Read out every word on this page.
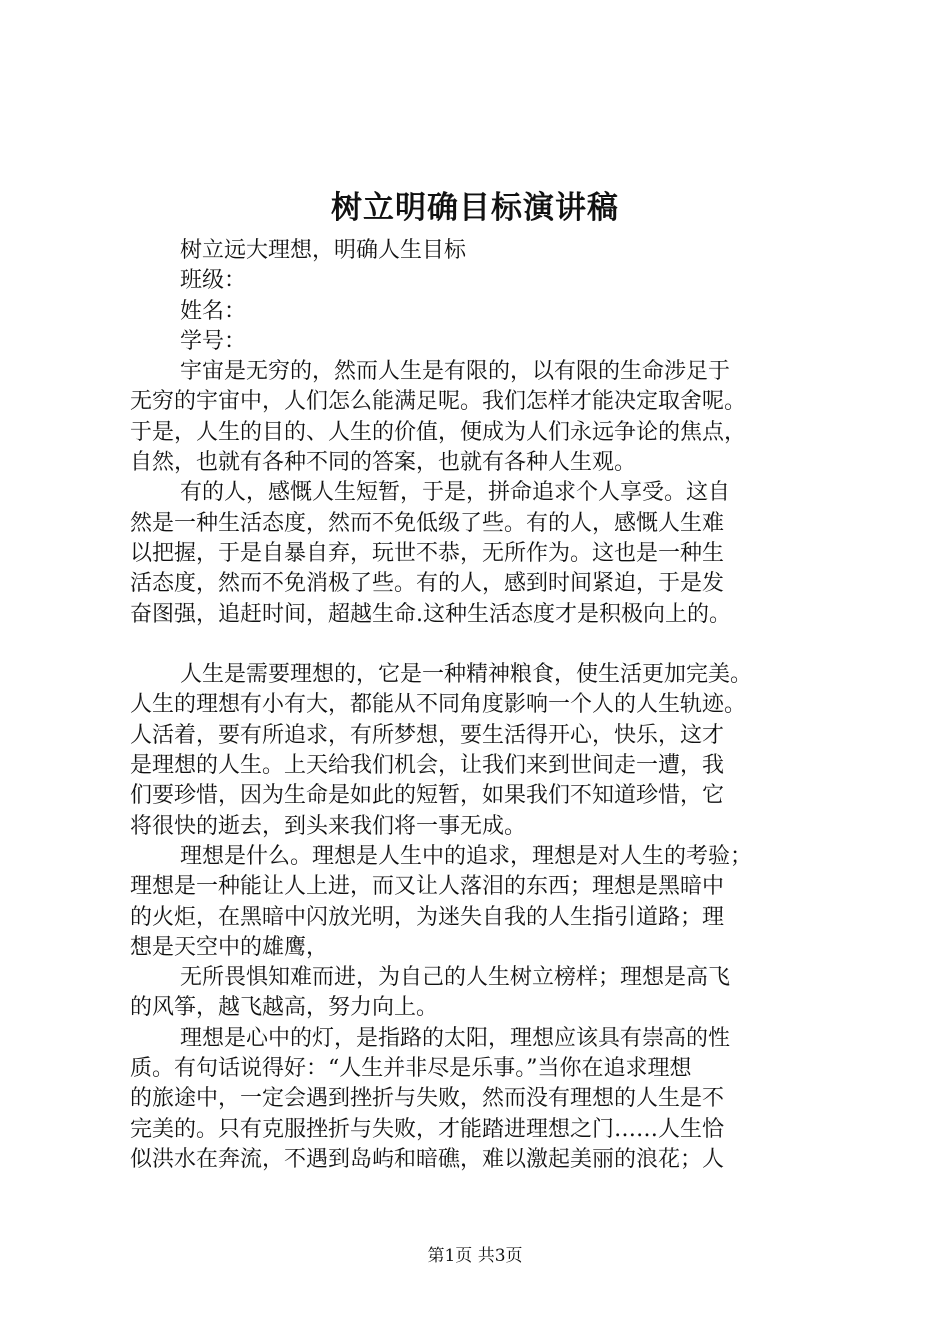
树立明确目标演讲稿
树立远大理想，明确人生目标
班级：
姓名：
学号：
宇宙是无穷的，然而人生是有限的，以有限的生命涉足于
无穷的宇宙中，人们怎么能满足呢。我们怎样才能决定取舍呢。
于是，人生的目的、人生的价值，便成为人们永远争论的焦点，
自然，也就有各种不同的答案，也就有各种人生观。
有的人，感慨人生短暂，于是，拼命追求个人享受。这自
然是一种生活态度，然而不免低级了些。有的人，感慨人生难
以把握，于是自暴自弃，玩世不恭，无所作为。这也是一种生
活态度，然而不免消极了些。有的人，感到时间紧迫，于是发
奋图强，追赶时间，超越生命.这种生活态度才是积极向上的。
人生是需要理想的，它是一种精神粮食，使生活更加完美。
人生的理想有小有大，都能从不同角度影响一个人的人生轨迹。
人活着，要有所追求，有所梦想，要生活得开心，快乐，这才
是理想的人生。上天给我们机会，让我们来到世间走一遭，我
们要珍惜，因为生命是如此的短暂，如果我们不知道珍惜，它
将很快的逝去，到头来我们将一事无成。
理想是什么。理想是人生中的追求，理想是对人生的考验；
理想是一种能让人上进，而又让人落泪的东西；理想是黑暗中
的火炬，在黑暗中闪放光明，为迷失自我的人生指引道路；理
想是天空中的雄鹰，
无所畏惧知难而进，为自己的人生树立榜样；理想是高飞
的风筝，越飞越高，努力向上。
理想是心中的灯，是指路的太阳，理想应该具有崇高的性
质。有句话说得好：“人生并非尽是乐事。”当你在追求理想
的旅途中，一定会遇到挫折与失败，然而没有理想的人生是不
完美的。只有克服挫折与失败，才能踏进理想之门……人生恰
似洪水在奔流，不遇到岛屿和暗礁，难以激起美丽的浪花；人
第1页 共3页
